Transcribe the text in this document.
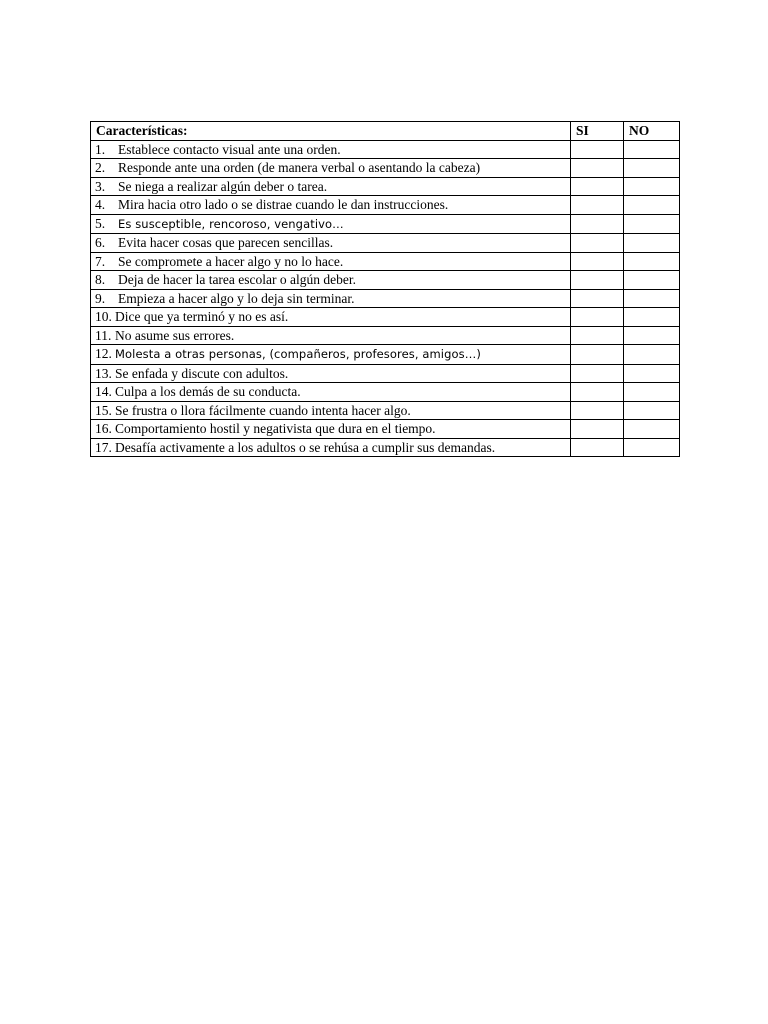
Características:	SI	NO
1. Establece contacto visual ante una orden.		
2. Responde ante una orden (de manera verbal o asentando la cabeza)		
3. Se niega a realizar algún deber o tarea.		
4. Mira hacia otro lado o se distrae cuando le dan instrucciones.		
5. Es susceptible, rencoroso, vengativo…		
6. Evita hacer cosas que parecen sencillas.		
7. Se compromete a hacer algo y no lo hace.		
8. Deja de hacer la tarea escolar o algún deber.		
9. Empieza a hacer algo y lo deja sin terminar.		
10. Dice que ya terminó y no es así.		
11. No asume sus errores.		
12. Molesta a otras personas, (compañeros, profesores, amigos…)		
13. Se enfada y discute con adultos.		
14. Culpa a los demás de su conducta.		
15. Se frustra o llora fácilmente cuando intenta hacer algo.		
16. Comportamiento hostil y negativista que dura en el tiempo.		
17. Desafía activamente a los adultos o se rehúsa a cumplir sus demandas.		
